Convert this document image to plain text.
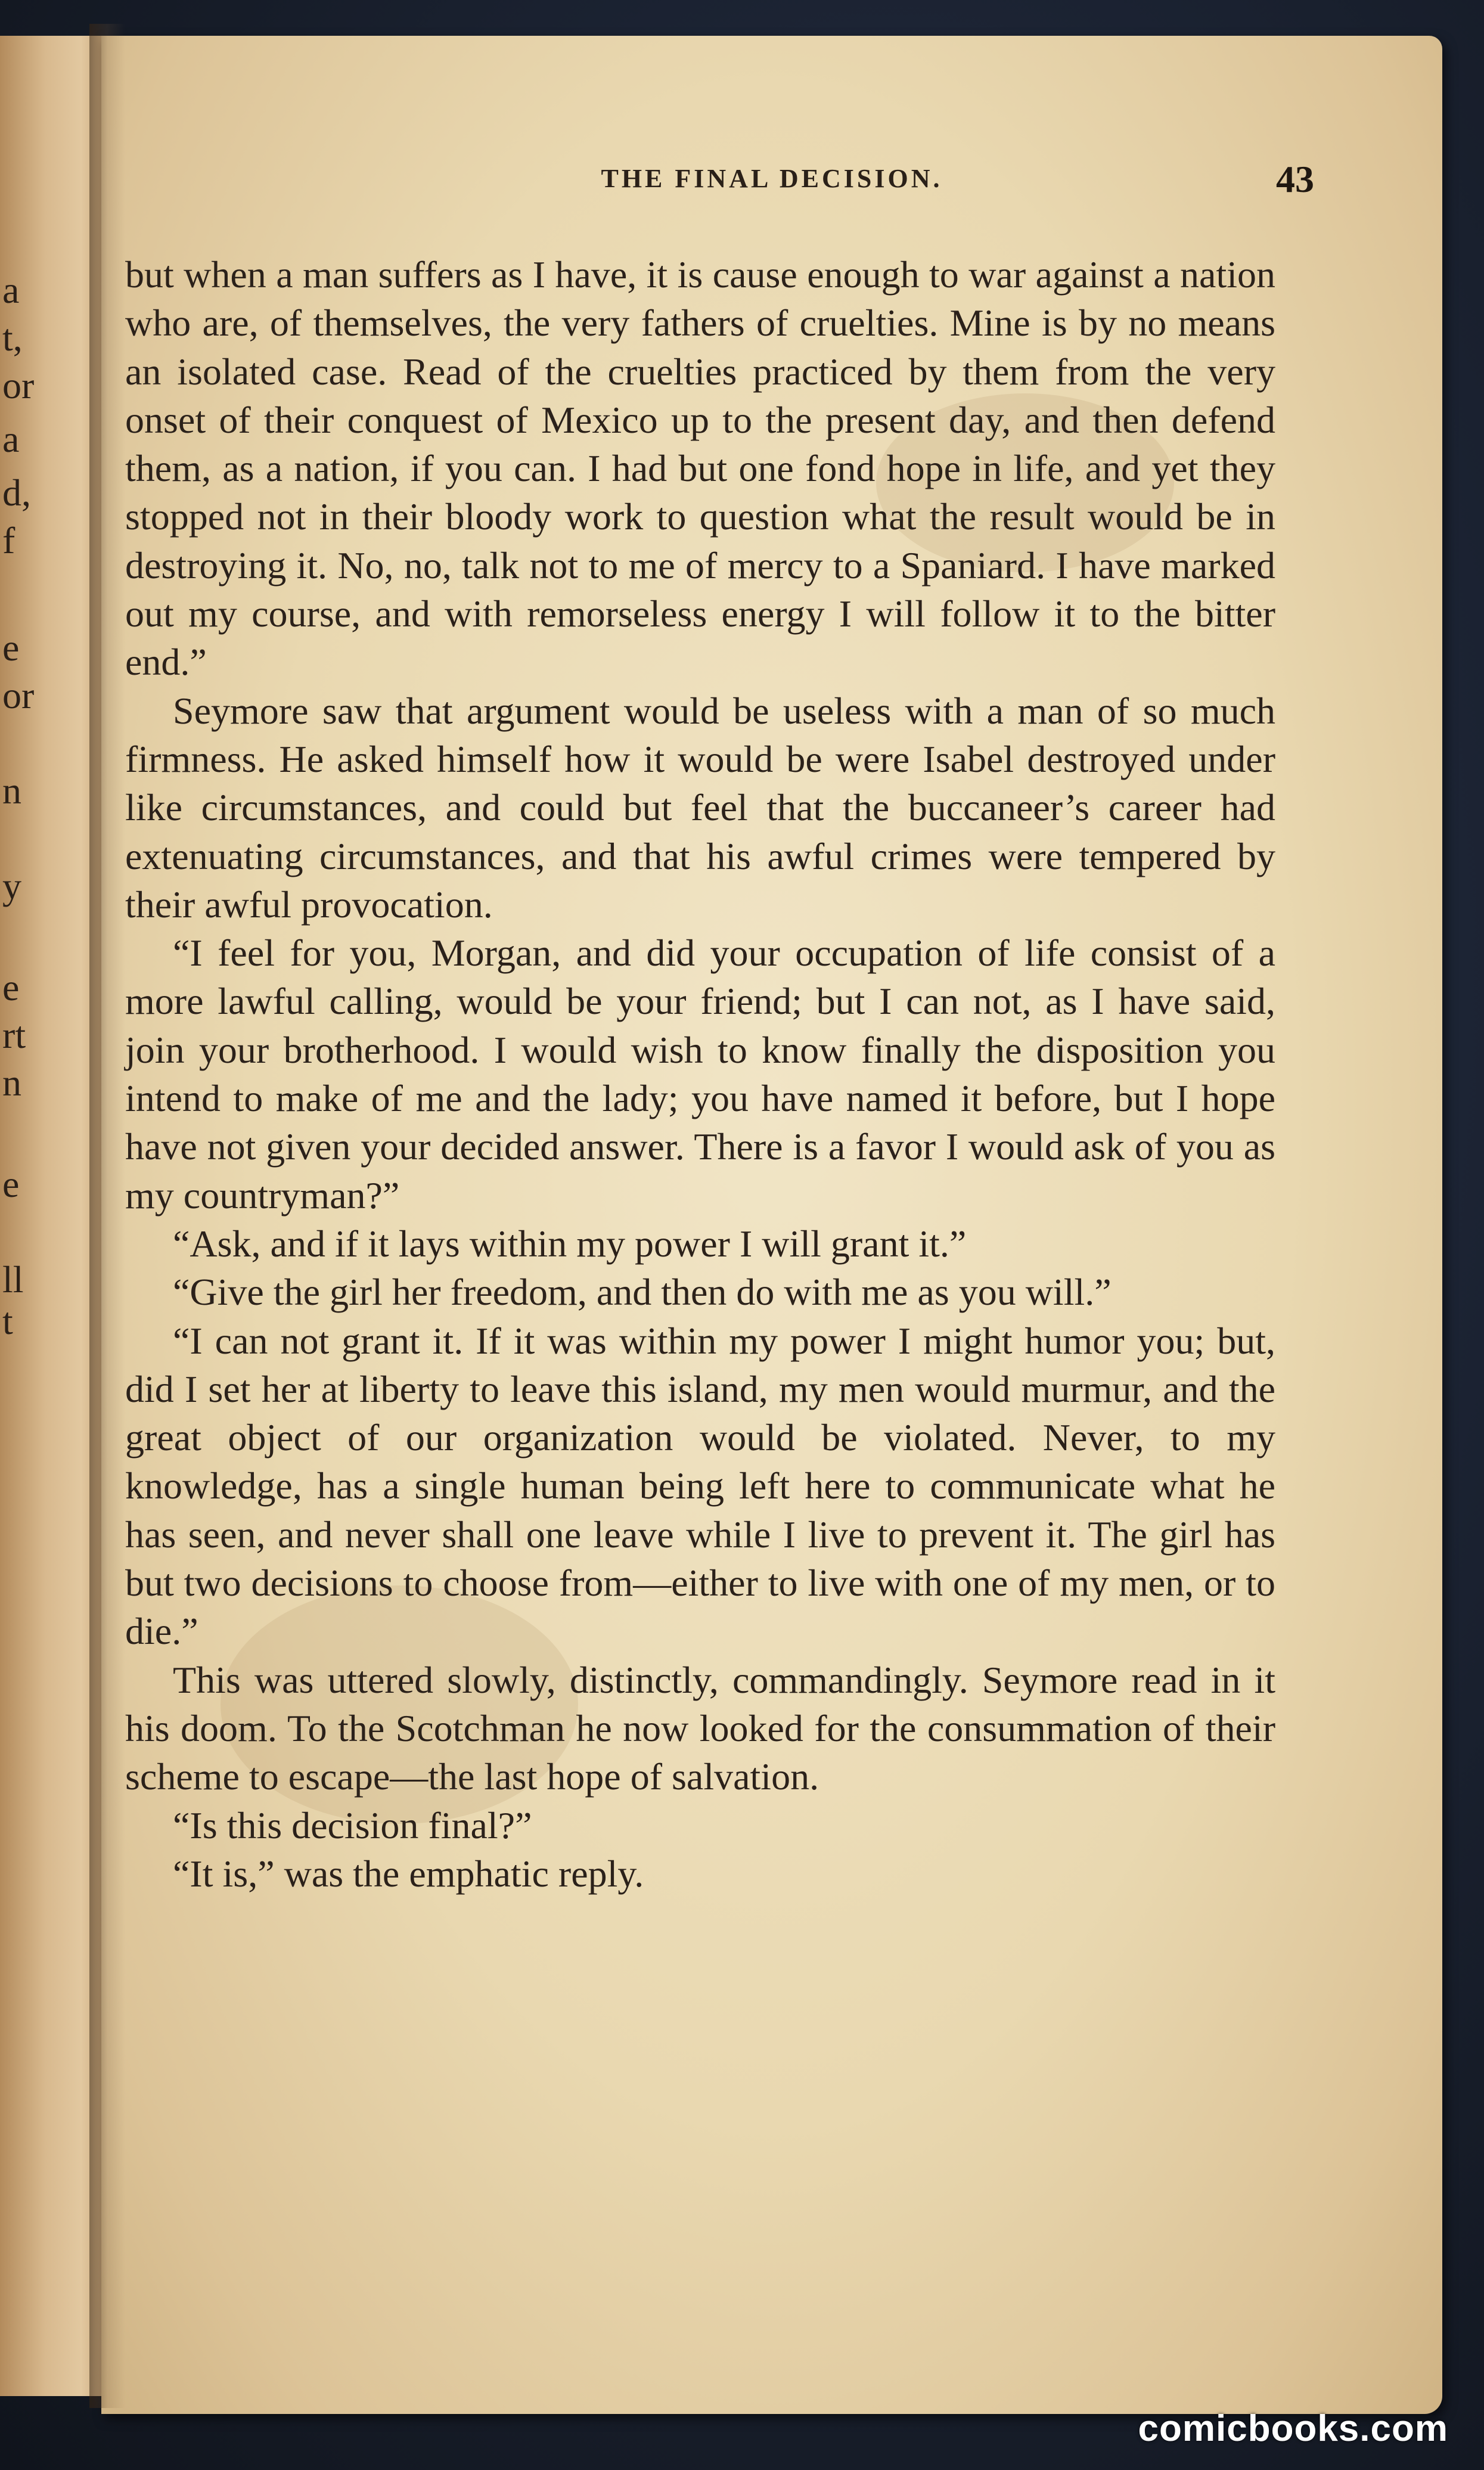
a
t,
or
a
d,
f
e
or
n
y
e
rt
n
e
ll
t
THE FINAL DECISION.	43

but when a man suffers as I have, it is cause enough to war against a nation who are, of themselves, the very fathers of cruelties. Mine is by no means an isolated case. Read of the cruelties practiced by them from the very onset of their conquest of Mexico up to the present day, and then defend them, as a nation, if you can. I had but one fond hope in life, and yet they stopped not in their bloody work to question what the result would be in destroying it. No, no, talk not to me of mercy to a Spaniard. I have marked out my course, and with remorseless energy I will follow it to the bitter end.”

Seymore saw that argument would be useless with a man of so much firmness. He asked himself how it would be were Isabel destroyed under like circumstances, and could but feel that the buccaneer’s career had extenuating circumstances, and that his awful crimes were tempered by their awful provocation.

“I feel for you, Morgan, and did your occupation of life consist of a more lawful calling, would be your friend; but I can not, as I have said, join your brotherhood. I would wish to know finally the disposition you intend to make of me and the lady; you have named it before, but I hope have not given your decided answer. There is a favor I would ask of you as my countryman?”

“Ask, and if it lays within my power I will grant it.”

“Give the girl her freedom, and then do with me as you will.”

“I can not grant it. If it was within my power I might humor you; but, did I set her at liberty to leave this island, my men would murmur, and the great object of our organization would be violated. Never, to my knowledge, has a single human being left here to communicate what he has seen, and never shall one leave while I live to prevent it. The girl has but two decisions to choose from—either to live with one of my men, or to die.”

This was uttered slowly, distinctly, commandingly. Seymore read in it his doom. To the Scotchman he now looked for the consummation of their scheme to escape—the last hope of salvation.

“Is this decision final?”

“It is,” was the emphatic reply.

comicbooks.com
